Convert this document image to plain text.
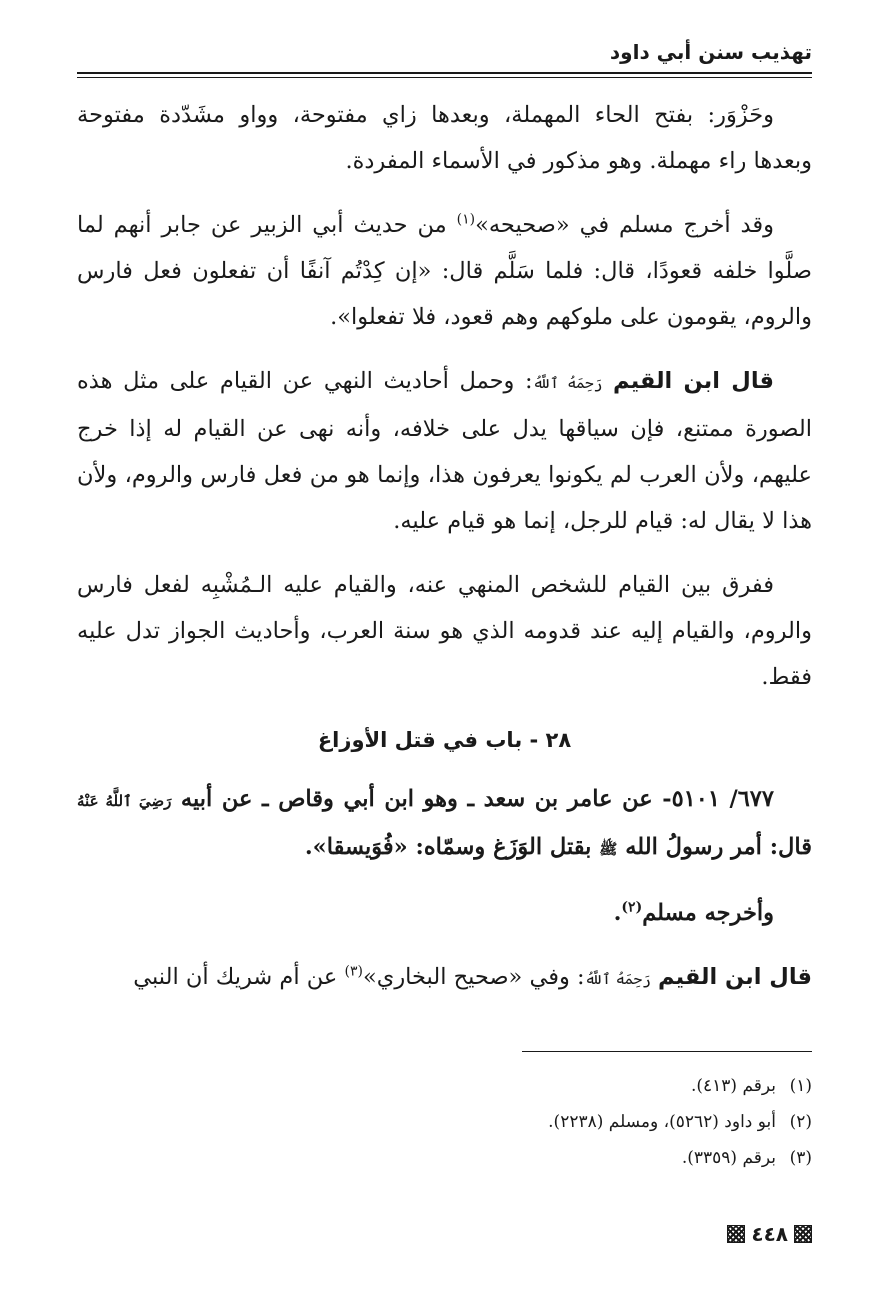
تهذيب سنن أبي داود

وحَزْوَر: بفتح الحاء المهملة، وبعدها زاي مفتوحة، وواو مشَدّدة مفتوحة وبعدها راء مهملة. وهو مذكور في الأسماء المفردة.

وقد أخرج مسلم في «صحيحه»$^{(١)}$ من حديث أبي الزبير عن جابر أنهم لما صلَّوا خلفه قعودًا، قال: فلما سَلَّم قال: «إن كِدْتُم آنفًا أن تفعلون فعل فارس والروم، يقومون على ملوكهم وهم قعود، فلا تفعلوا».

قال ابن القيم رَحِمَهُ ٱللَّهُ: وحمل أحاديث النهي عن القيام على مثل هذه الصورة ممتنع، فإن سياقها يدل على خلافه، وأنه نهى عن القيام له إذا خرج عليهم، ولأن العرب لم يكونوا يعرفون هذا، وإنما هو من فعل فارس والروم، ولأن هذا لا يقال له: قيام للرجل، إنما هو قيام عليه.

ففرق بين القيام للشخص المنهي عنه، والقيام عليه الـمُشْبِه لفعل فارس والروم، والقيام إليه عند قدومه الذي هو سنة العرب، وأحاديث الجواز تدل عليه فقط.

٢٨ - باب في قتل الأوزاغ

٦٧٧/ ٥١٠١- عن عامر بن سعد ـ وهو ابن أبي وقاص ـ عن أبيه رَضِيَ ٱللَّهُ عَنْهُ قال: أمر رسولُ الله ﷺ بقتل الوَزَغ وسمّاه: «فُوَيسقا».

وأخرجه مسلم$^{(٢)}$.

قال ابن القيم رَحِمَهُ ٱللَّهُ: وفي «صحيح البخاري»$^{(٣)}$ عن أم شريك أن النبي

(١)برقم (٤١٣).

(٢)أبو داود (٥٢٦٢)، ومسلم (٢٢٣٨).

(٣)برقم (٣٣٥٩).

٤٤٨
